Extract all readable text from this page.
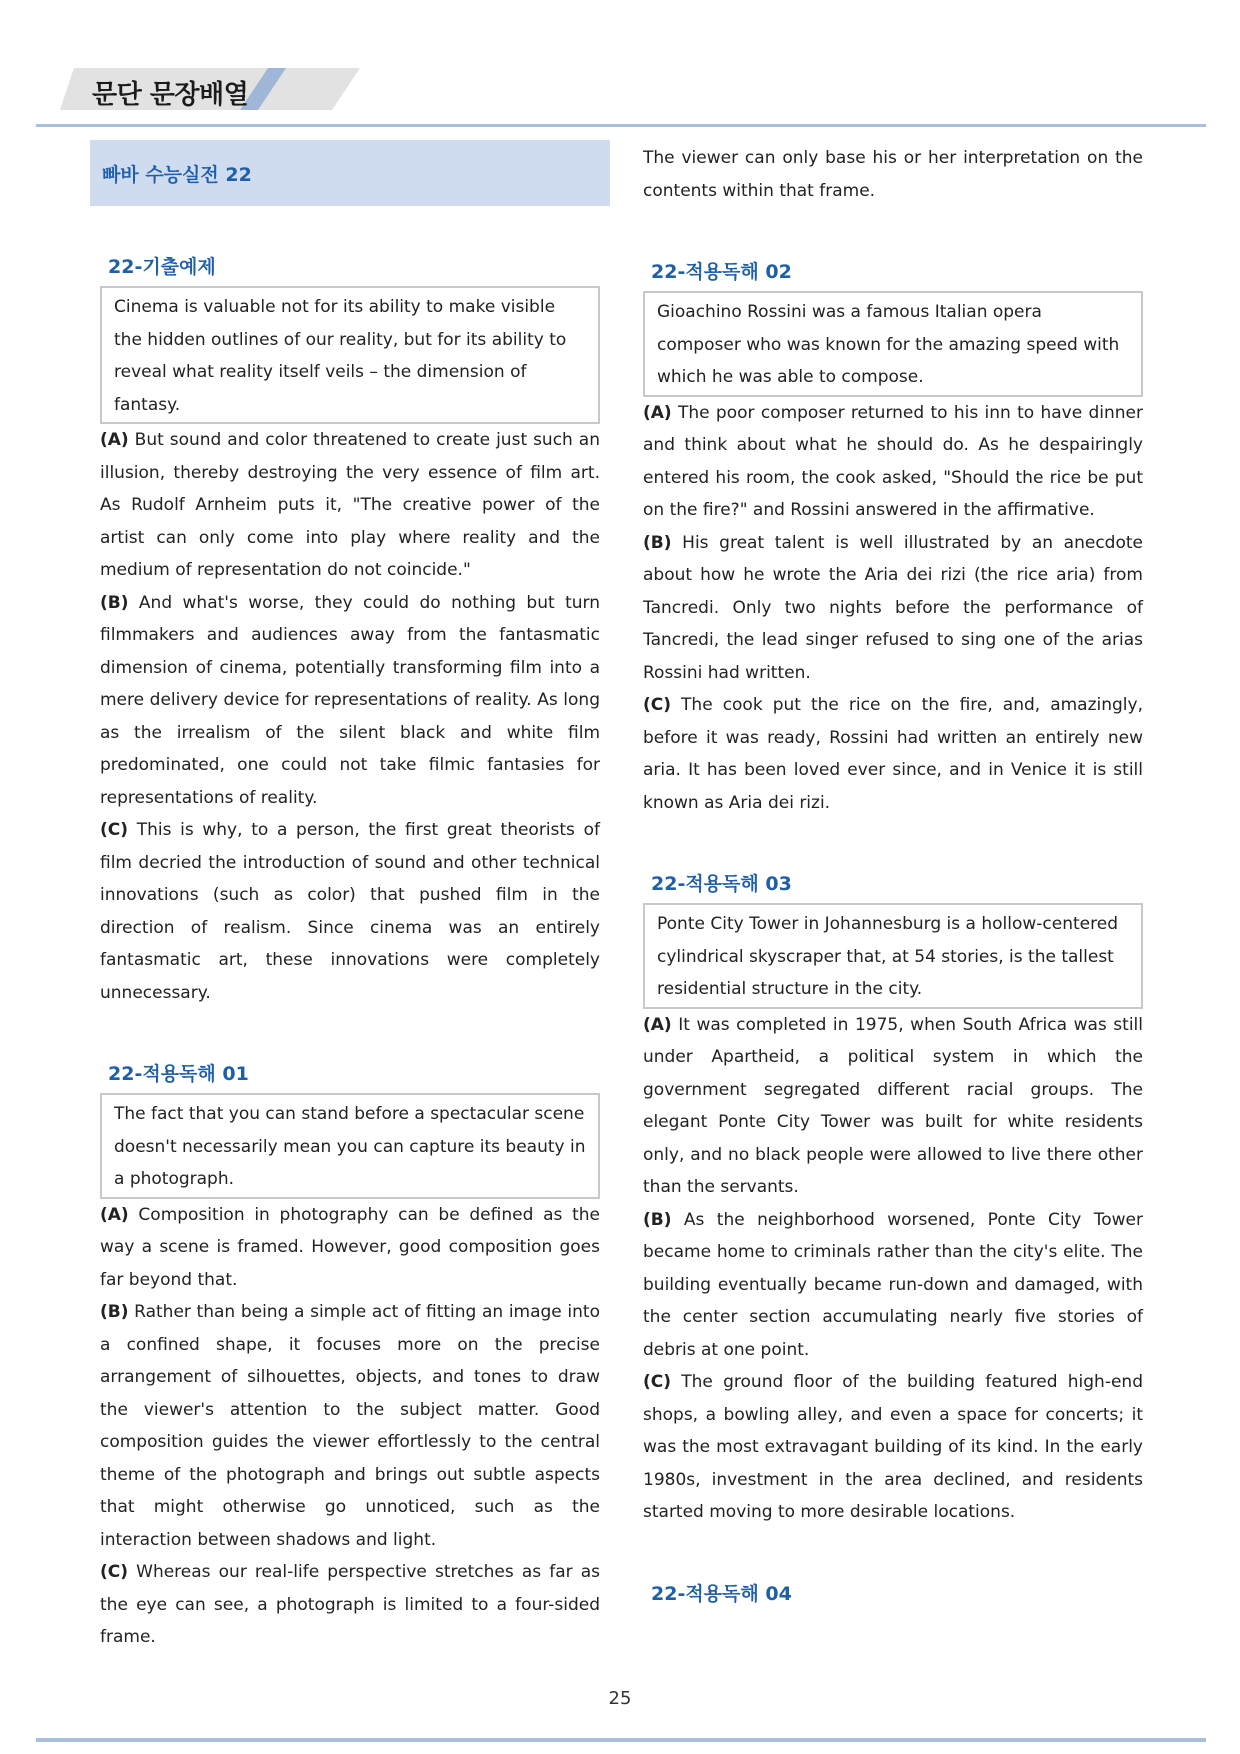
문단 문장배열
빠바 수능실전 22
22-기출예제
Cinema is valuable not for its ability to make visible the hidden outlines of our reality, but for its ability to reveal what reality itself veils – the dimension of fantasy.

(A) But sound and color threatened to create just such an illusion, thereby destroying the very essence of film art. As Rudolf Arnheim puts it, "The creative power of the artist can only come into play where reality and the medium of representation do not coincide."

(B) And what's worse, they could do nothing but turn filmmakers and audiences away from the fantasmatic dimension of cinema, potentially transforming film into a mere delivery device for representations of reality. As long as the irrealism of the silent black and white film predominated, one could not take filmic fantasies for representations of reality.

(C) This is why, to a person, the first great theorists of film decried the introduction of sound and other technical innovations (such as color) that pushed film in the direction of realism. Since cinema was an entirely fantasmatic art, these innovations were completely unnecessary.

22-적용독해 01
The fact that you can stand before a spectacular scene doesn't necessarily mean you can capture its beauty in a photograph.

(A) Composition in photography can be defined as the way a scene is framed. However, good composition goes far beyond that.

(B) Rather than being a simple act of fitting an image into a confined shape, it focuses more on the precise arrangement of silhouettes, objects, and tones to draw the viewer's attention to the subject matter. Good composition guides the viewer effortlessly to the central theme of the photograph and brings out subtle aspects that might otherwise go unnoticed, such as the interaction between shadows and light.

(C) Whereas our real-life perspective stretches as far as the eye can see, a photograph is limited to a four-sided frame.

The viewer can only base his or her interpretation on the contents within that frame.

22-적용독해 02
Gioachino Rossini was a famous Italian opera composer who was known for the amazing speed with which he was able to compose.

(A) The poor composer returned to his inn to have dinner and think about what he should do. As he despairingly entered his room, the cook asked, "Should the rice be put on the fire?" and Rossini answered in the affirmative.

(B) His great talent is well illustrated by an anecdote about how he wrote the Aria dei rizi (the rice aria) from Tancredi. Only two nights before the performance of Tancredi, the lead singer refused to sing one of the arias Rossini had written.

(C) The cook put the rice on the fire, and, amazingly, before it was ready, Rossini had written an entirely new aria. It has been loved ever since, and in Venice it is still known as Aria dei rizi.

22-적용독해 03
Ponte City Tower in Johannesburg is a hollow-centered cylindrical skyscraper that, at 54 stories, is the tallest residential structure in the city.

(A) It was completed in 1975, when South Africa was still under Apartheid, a political system in which the government segregated different racial groups. The elegant Ponte City Tower was built for white residents only, and no black people were allowed to live there other than the servants.

(B) As the neighborhood worsened, Ponte City Tower became home to criminals rather than the city's elite. The building eventually became run-down and damaged, with the center section accumulating nearly five stories of debris at one point.

(C) The ground floor of the building featured high-end shops, a bowling alley, and even a space for concerts; it was the most extravagant building of its kind. In the early 1980s, investment in the area declined, and residents started moving to more desirable locations.

22-적용독해 04
25
